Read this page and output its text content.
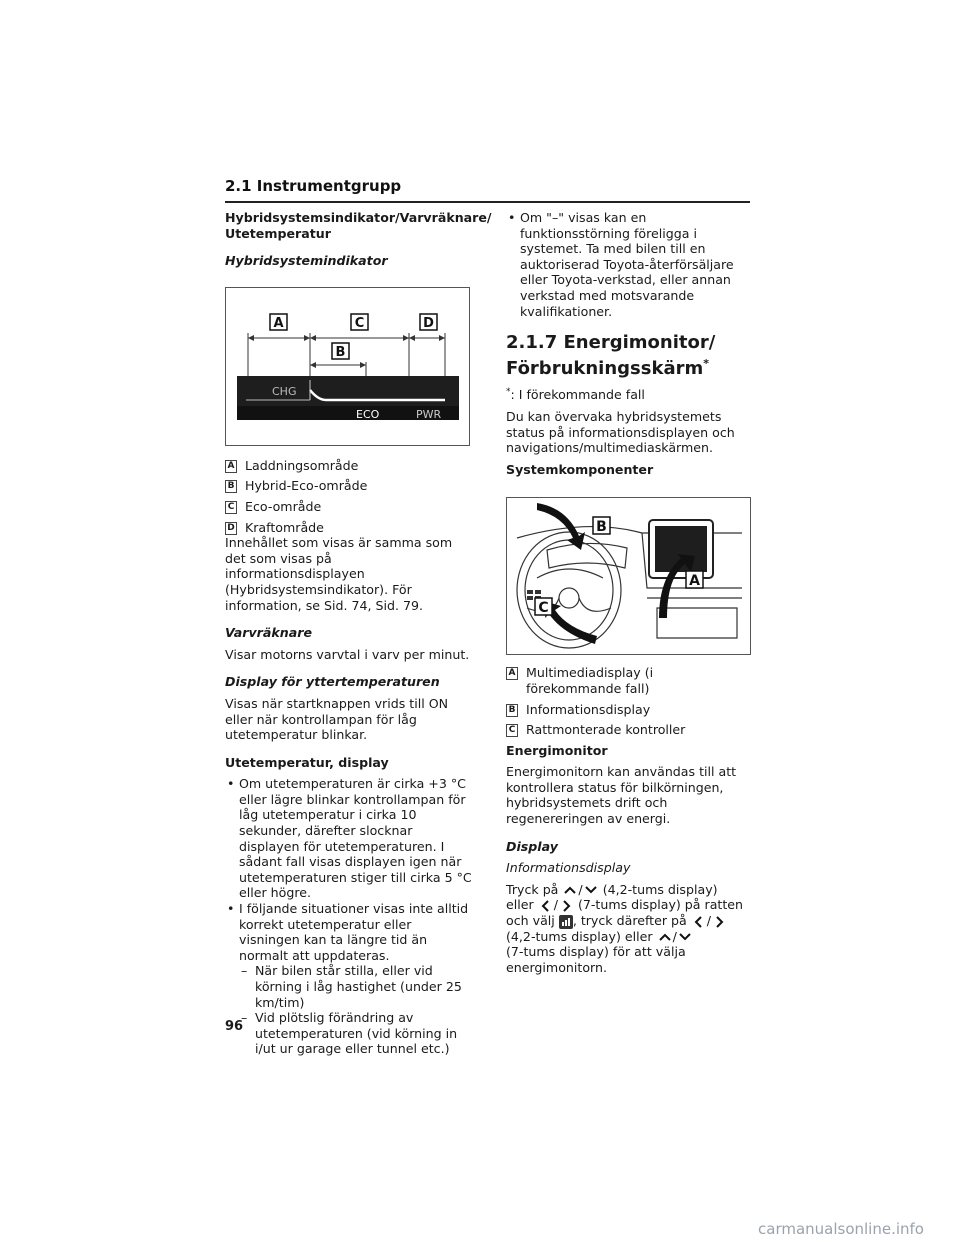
2.1 Instrumentgrupp

Hybridsystemsindikator/Varvräknare/ Utetemperatur

Hybridsystemindikator

A	C	D
B
CHG
ECO	PWR
A Laddningsområde
B Hybrid-Eco-område
C Eco-område
D Kraftområde

Innehållet som visas är samma som det som visas på informationsdisplayen (Hybridsystemsindikator). För information, se Sid. 74, Sid. 79.

Varvräknare

Visar motorns varvtal i varv per minut.

Display för yttertemperaturen

Visas när startknappen vrids till ON eller när kontrollampan för låg utetemperatur blinkar.

Utetemperatur, display

• Om utetemperaturen är cirka +3 °C eller lägre blinkar kontrollampan för låg utetemperatur i cirka 10 sekunder, därefter slocknar displayen för utetemperaturen. I sådant fall visas displayen igen när utetemperaturen stiger till cirka 5 °C eller högre.
• I följande situationer visas inte alltid korrekt utetemperatur eller visningen kan ta längre tid än normalt att uppdateras.
– När bilen står stilla, eller vid körning i låg hastighet (under 25 km/tim)
– Vid plötslig förändring av utetemperaturen (vid körning in i/ut ur garage eller tunnel etc.)
• Om "–" visas kan en funktionsstörning föreligga i systemet. Ta med bilen till en auktoriserad Toyota-återförsäljare eller Toyota-verkstad, eller annan verkstad med motsvarande kvalifikationer.

2.1.7 Energimonitor/ Förbrukningsskärm*

*: I förekommande fall

Du kan övervaka hybridsystemets status på informationsdisplayen och navigations/multimediaskärmen.

Systemkomponenter

B
A
C
A Multimediadisplay (i förekommande fall)
B Informationsdisplay
C Rattmonterade kontroller

Energimonitor

Energimonitorn kan användas till att kontrollera status för bilkörningen, hybridsystemets drift och regenereringen av energi.

Display

Informationsdisplay

Tryck på / (4,2-tums display)
eller / (7-tums display) på ratten
och välj , tryck därefter på /
(4,2-tums display) eller /
(7-tums display) för att välja energimonitorn.

96
carmanualsonline.info
